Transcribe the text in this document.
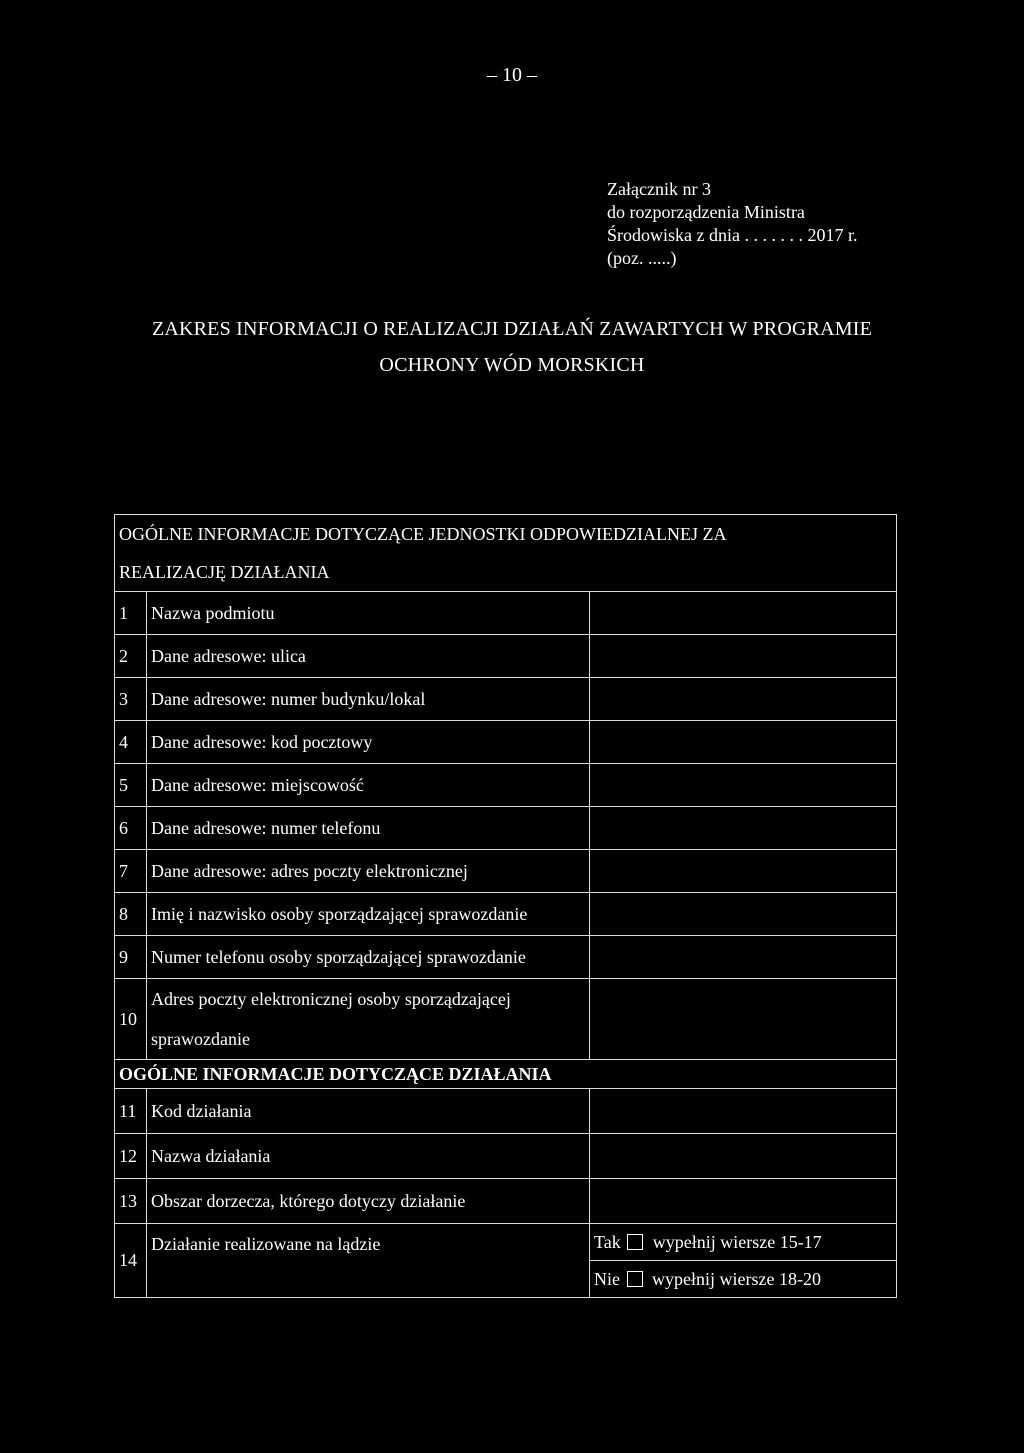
– 10 –
Załącznik nr 3
do rozporządzenia Ministra
Środowiska z dnia . . . . . . . 2017 r.
(poz. .....)
ZAKRES INFORMACJI O REALIZACJI DZIAŁAŃ ZAWARTYCH W PROGRAMIE
OCHRONY WÓD MORSKICH
OGÓLNE INFORMACJE DOTYCZĄCE JEDNOSTKI ODPOWIEDZIALNEJ ZA
REALIZACJĘ DZIAŁANIA		

1	Nazwa podmiotu	
2	Dane adresowe: ulica	
3	Dane adresowe: numer budynku/lokal	
4	Dane adresowe: kod pocztowy	
5	Dane adresowe: miejscowość	
6	Dane adresowe: numer telefonu	
7	Dane adresowe: adres poczty elektronicznej	
8	Imię i nazwisko osoby sporządzającej sprawozdanie	
9	Numer telefonu osoby sporządzającej sprawozdanie	
10	Adres poczty elektronicznej osoby sporządzającej
sprawozdanie	

OGÓLNE INFORMACJE DOTYCZĄCE DZIAŁANIA		
11	Kod działania	
12	Nazwa działania	
13	Obszar dorzecza, którego dotyczy działanie	
14	Działanie realizowane na lądzie	Tak wypełnij wiersze 15-17
		Nie wypełnij wiersze 18-20
